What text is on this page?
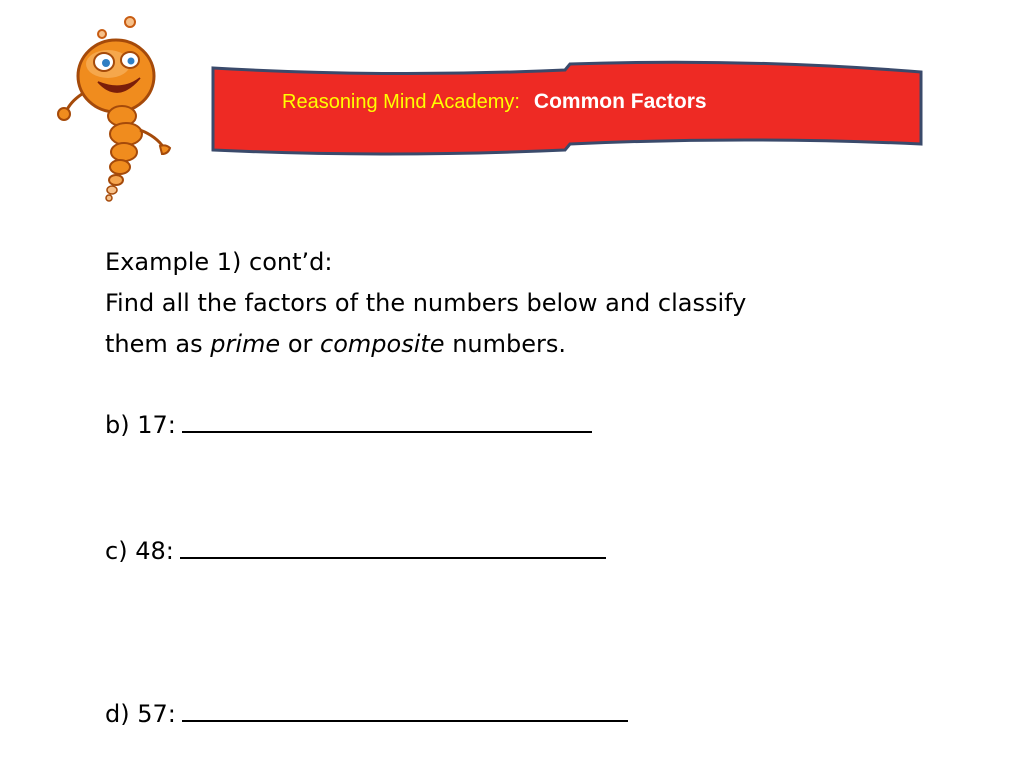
Reasoning Mind Academy: Common Factors
Example 1) cont’d:
Find all the factors of the numbers below and classify
them as prime or composite numbers.
b) 17:
c) 48:
d) 57:
